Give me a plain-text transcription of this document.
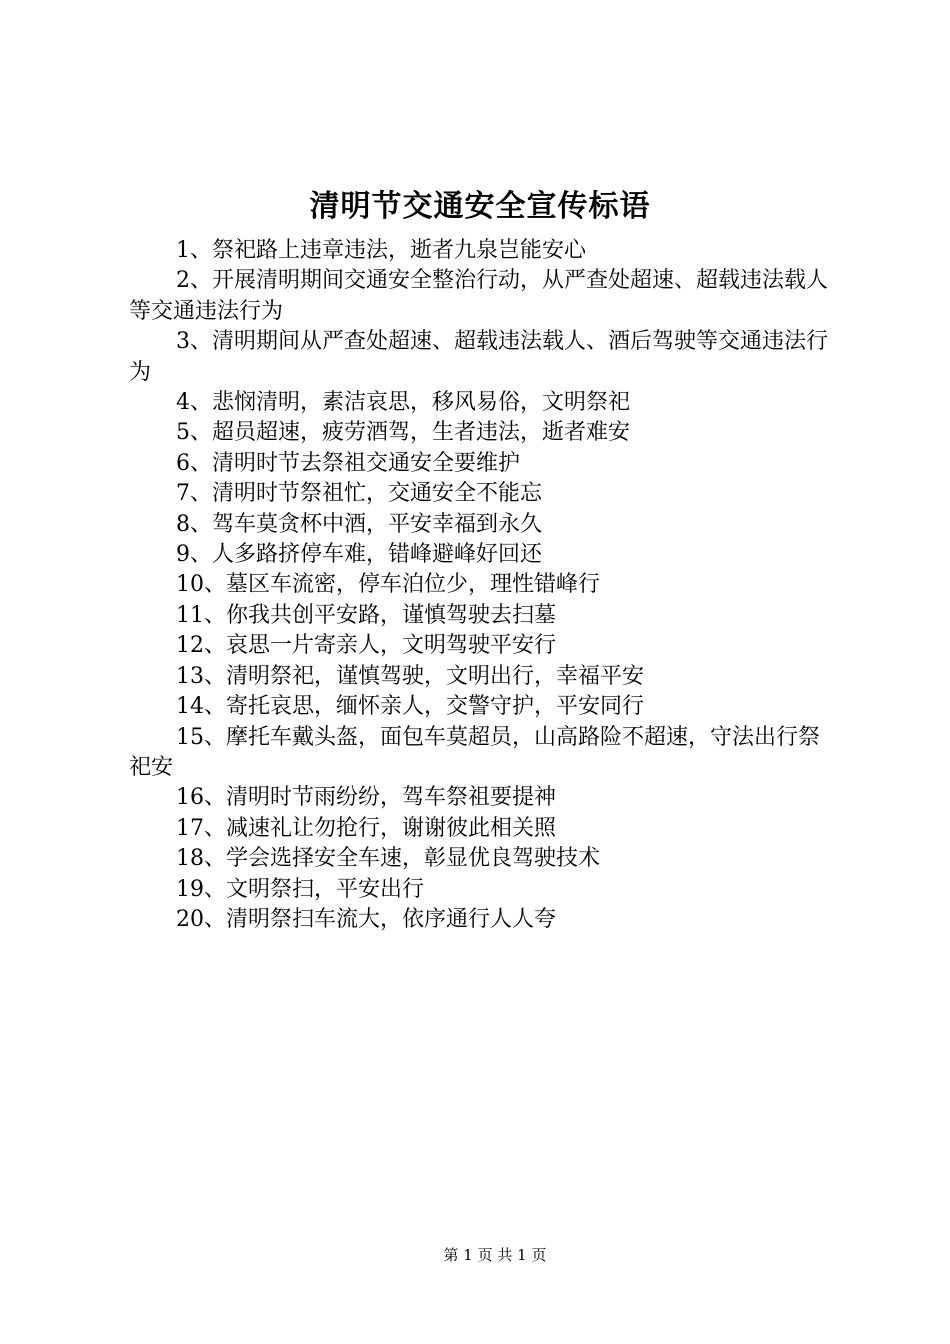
清明节交通安全宣传标语
1、祭祀路上违章违法，逝者九泉岂能安心
2、开展清明期间交通安全整治行动，从严查处超速、超载违法载人等交通违法行为
3、清明期间从严查处超速、超载违法载人、酒后驾驶等交通违法行为
4、悲悯清明，素洁哀思，移风易俗，文明祭祀
5、超员超速，疲劳酒驾，生者违法，逝者难安
6、清明时节去祭祖交通安全要维护
7、清明时节祭祖忙，交通安全不能忘
8、驾车莫贪杯中酒，平安幸福到永久
9、人多路挤停车难，错峰避峰好回还
10、墓区车流密，停车泊位少，理性错峰行
11、你我共创平安路，谨慎驾驶去扫墓
12、哀思一片寄亲人，文明驾驶平安行
13、清明祭祀，谨慎驾驶，文明出行，幸福平安
14、寄托哀思，缅怀亲人，交警守护，平安同行
15、摩托车戴头盔，面包车莫超员，山高路险不超速，守法出行祭祀安
16、清明时节雨纷纷，驾车祭祖要提神
17、减速礼让勿抢行，谢谢彼此相关照
18、学会选择安全车速，彰显优良驾驶技术
19、文明祭扫，平安出行
20、清明祭扫车流大，依序通行人人夸
第 1 页 共 1 页
